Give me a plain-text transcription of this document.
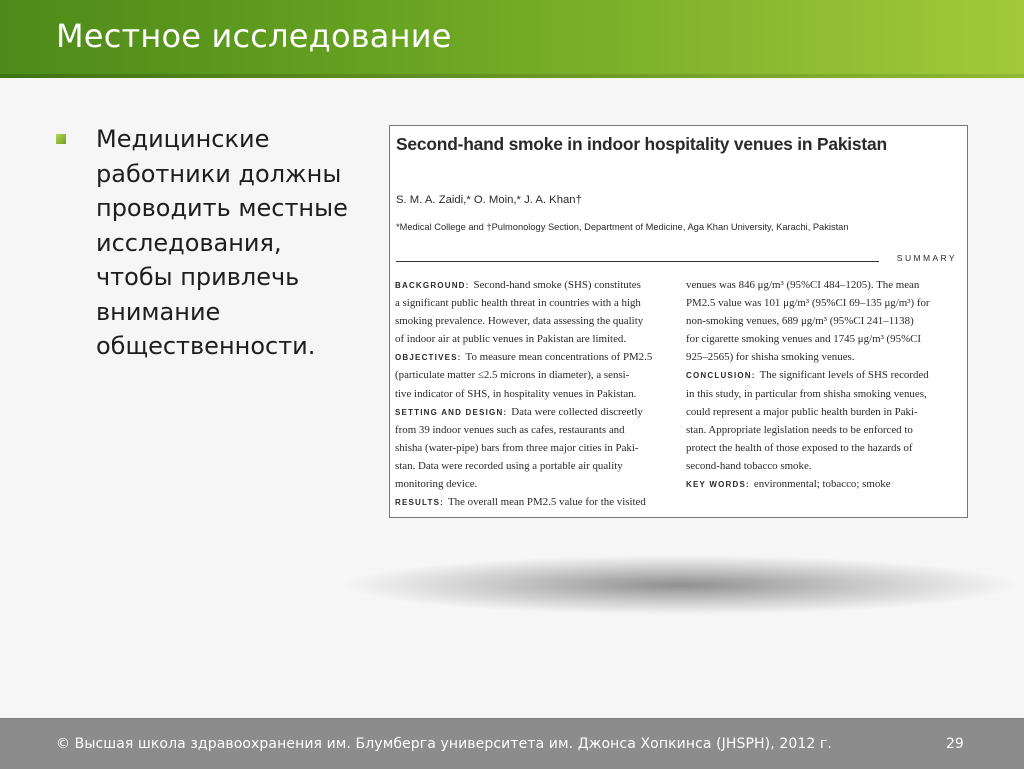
Местное исследование

Медицинские
работники должны
проводить местные
исследования,
чтобы привлечь
внимание
общественности.

Second-hand smoke in indoor hospitality venues in Pakistan
S. M. A. Zaidi,* O. Moin,* J. A. Khan†
*Medical College and †Pulmonology Section, Department of Medicine, Aga Khan University, Karachi, Pakistan
SUMMARY
BACKGROUND: Second-hand smoke (SHS) constitutes
a significant public health threat in countries with a high
smoking prevalence. However, data assessing the quality
of indoor air at public venues in Pakistan are limited.
OBJECTIVES: To measure mean concentrations of PM2.5
(particulate matter ≤2.5 microns in diameter), a sensi-
tive indicator of SHS, in hospitality venues in Pakistan.
SETTING AND DESIGN: Data were collected discreetly
from 39 indoor venues such as cafes, restaurants and
shisha (water-pipe) bars from three major cities in Paki-
stan. Data were recorded using a portable air quality
monitoring device.
RESULTS: The overall mean PM2.5 value for the visited
venues was 846 μg/m³ (95%CI 484–1205). The mean
PM2.5 value was 101 μg/m³ (95%CI 69–135 μg/m³) for
non-smoking venues, 689 μg/m³ (95%CI 241–1138)
for cigarette smoking venues and 1745 μg/m³ (95%CI
925–2565) for shisha smoking venues.
CONCLUSION: The significant levels of SHS recorded
in this study, in particular from shisha smoking venues,
could represent a major public health burden in Paki-
stan. Appropriate legislation needs to be enforced to
protect the health of those exposed to the hazards of
second-hand tobacco smoke.
KEY WORDS: environmental; tobacco; smoke
© Высшая школа здравоохранения им. Блумберга университета им. Джонса Хопкинса (JHSPH), 2012 г.	29
